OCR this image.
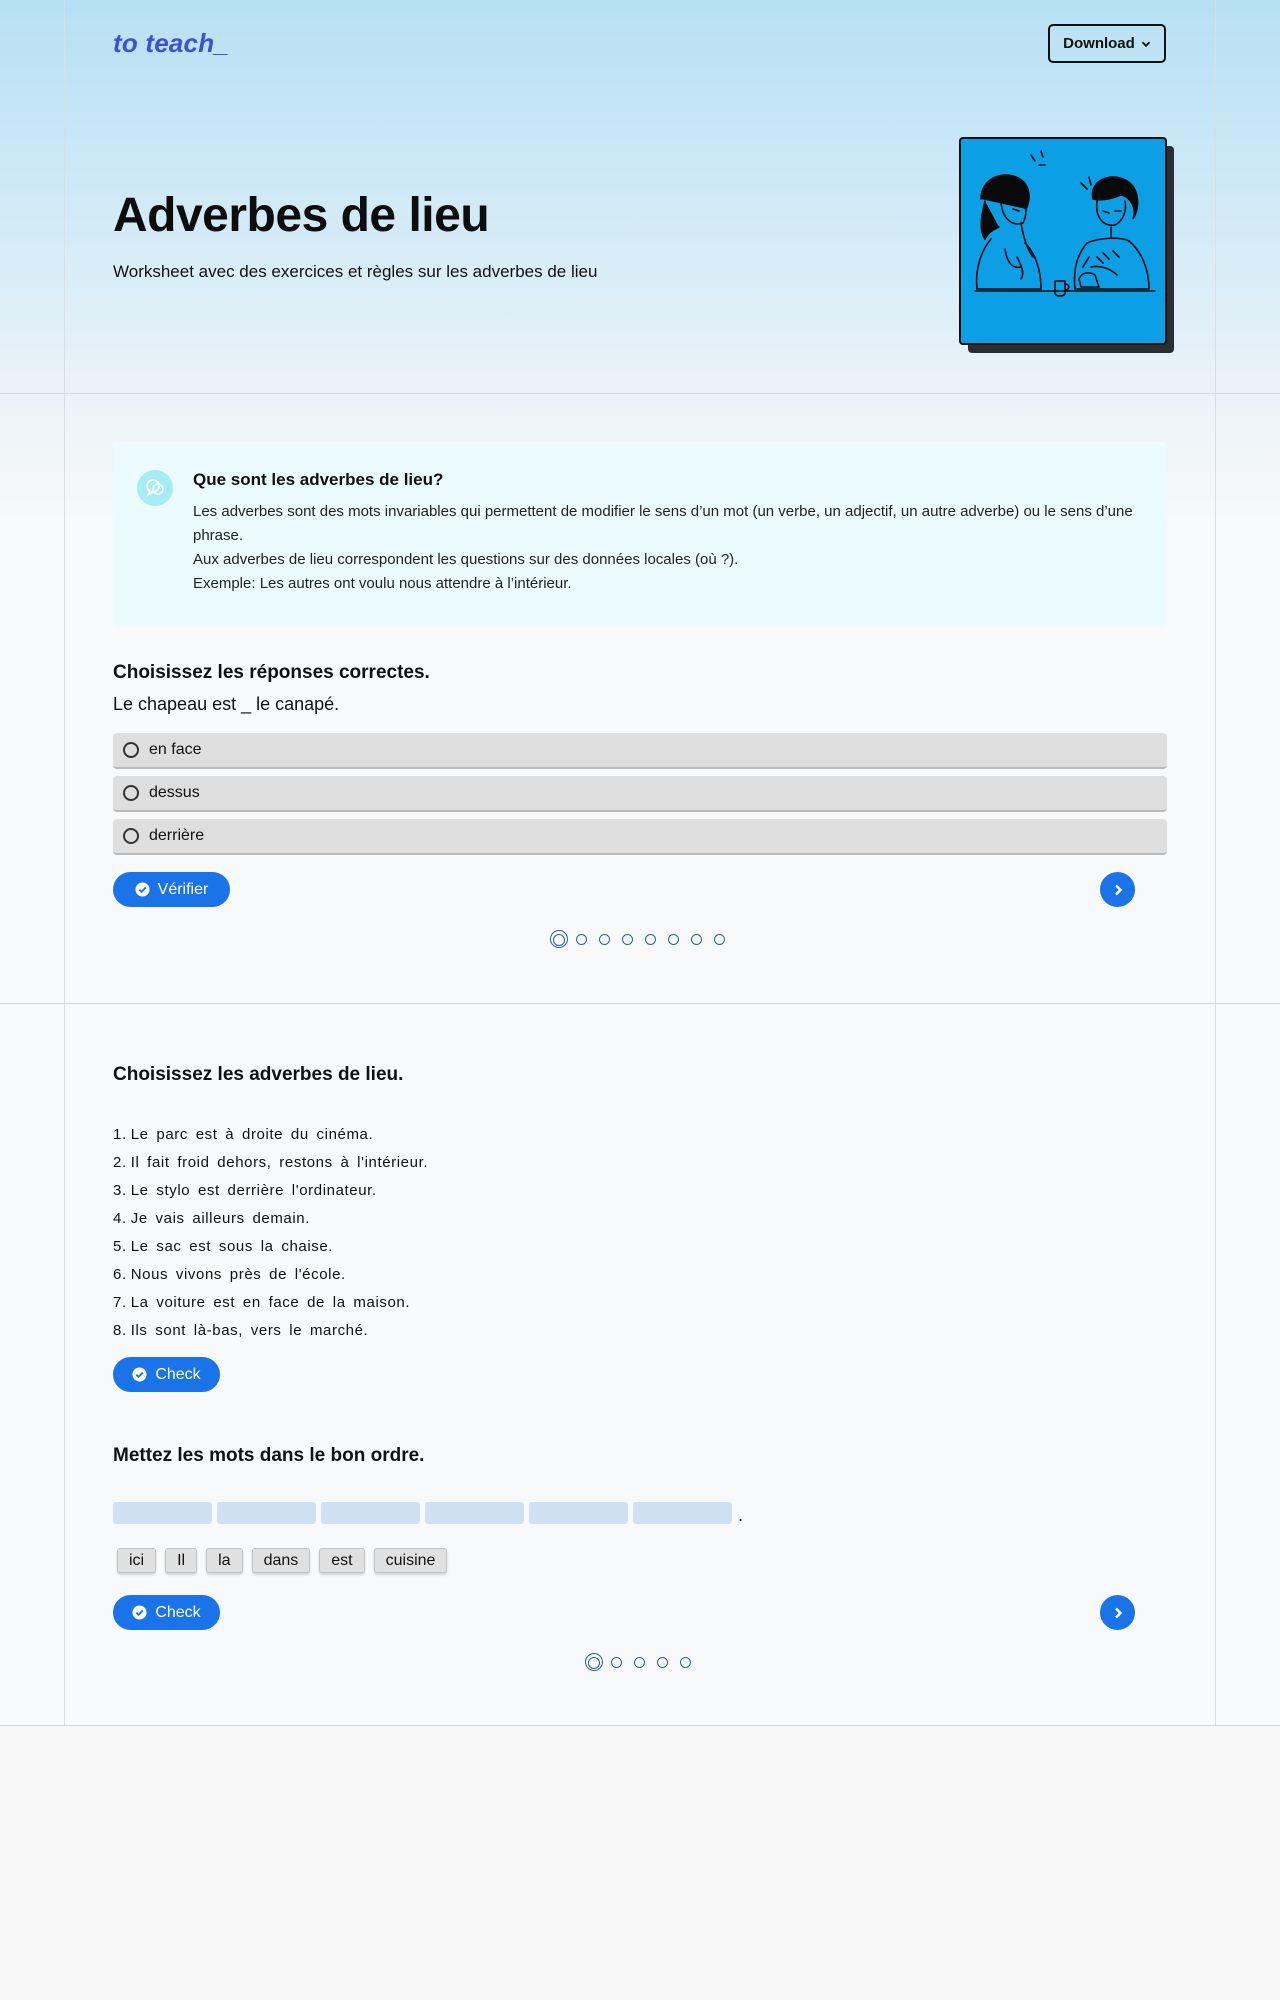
to teach_	Download
Adverbes de lieu

Worksheet avec des exercices et règles sur les adverbes de lieu

Que sont les adverbes de lieu?
Les adverbes sont des mots invariables qui permettent de modifier le sens d’un mot (un verbe, un adjectif, un autre adverbe) ou le sens d’une phrase.
Aux adverbes de lieu correspondent les questions sur des données locales (où ?).
Exemple: Les autres ont voulu nous attendre à l’intérieur.
Choisissez les réponses correctes.
Le chapeau est _ le canapé.
en face
dessus
derrière
Vérifier
Choisissez les adverbes de lieu.
1. Le parc est à droite du cinéma.
2. Il fait froid dehors, restons à l'intérieur.
3. Le stylo est derrière l'ordinateur.
4. Je vais ailleurs demain.
5. Le sac est sous la chaise.
6. Nous vivons près de l'école.
7. La voiture est en face de la maison.
8. Ils sont là-bas, vers le marché.
Check
Mettez les mots dans le bon ordre.
.
ici	Il	la	dans	est	cuisine
Check
